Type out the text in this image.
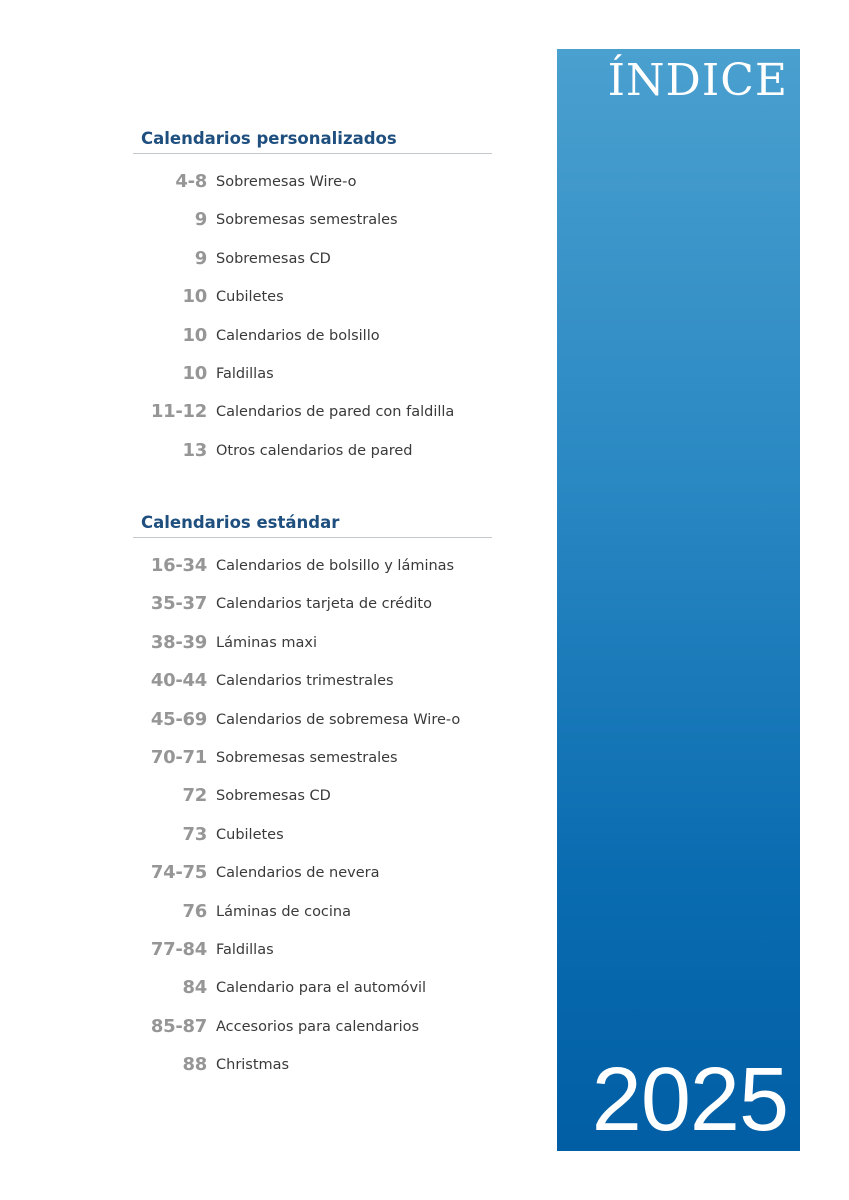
Calendarios personalizados
4-8 Sobremesas Wire-o
9 Sobremesas semestrales
9 Sobremesas CD
10 Cubiletes
10 Calendarios de bolsillo
10 Faldillas
11-12 Calendarios de pared con faldilla
13 Otros calendarios de pared
Calendarios estándar
16-34 Calendarios de bolsillo y láminas
35-37 Calendarios tarjeta de crédito
38-39 Láminas maxi
40-44 Calendarios trimestrales
45-69 Calendarios de sobremesa Wire-o
70-71 Sobremesas semestrales
72 Sobremesas CD
73 Cubiletes
74-75 Calendarios de nevera
76 Láminas de cocina
77-84 Faldillas
84 Calendario para el automóvil
85-87 Accesorios para calendarios
88 Christmas
ÍNDICE
2025
